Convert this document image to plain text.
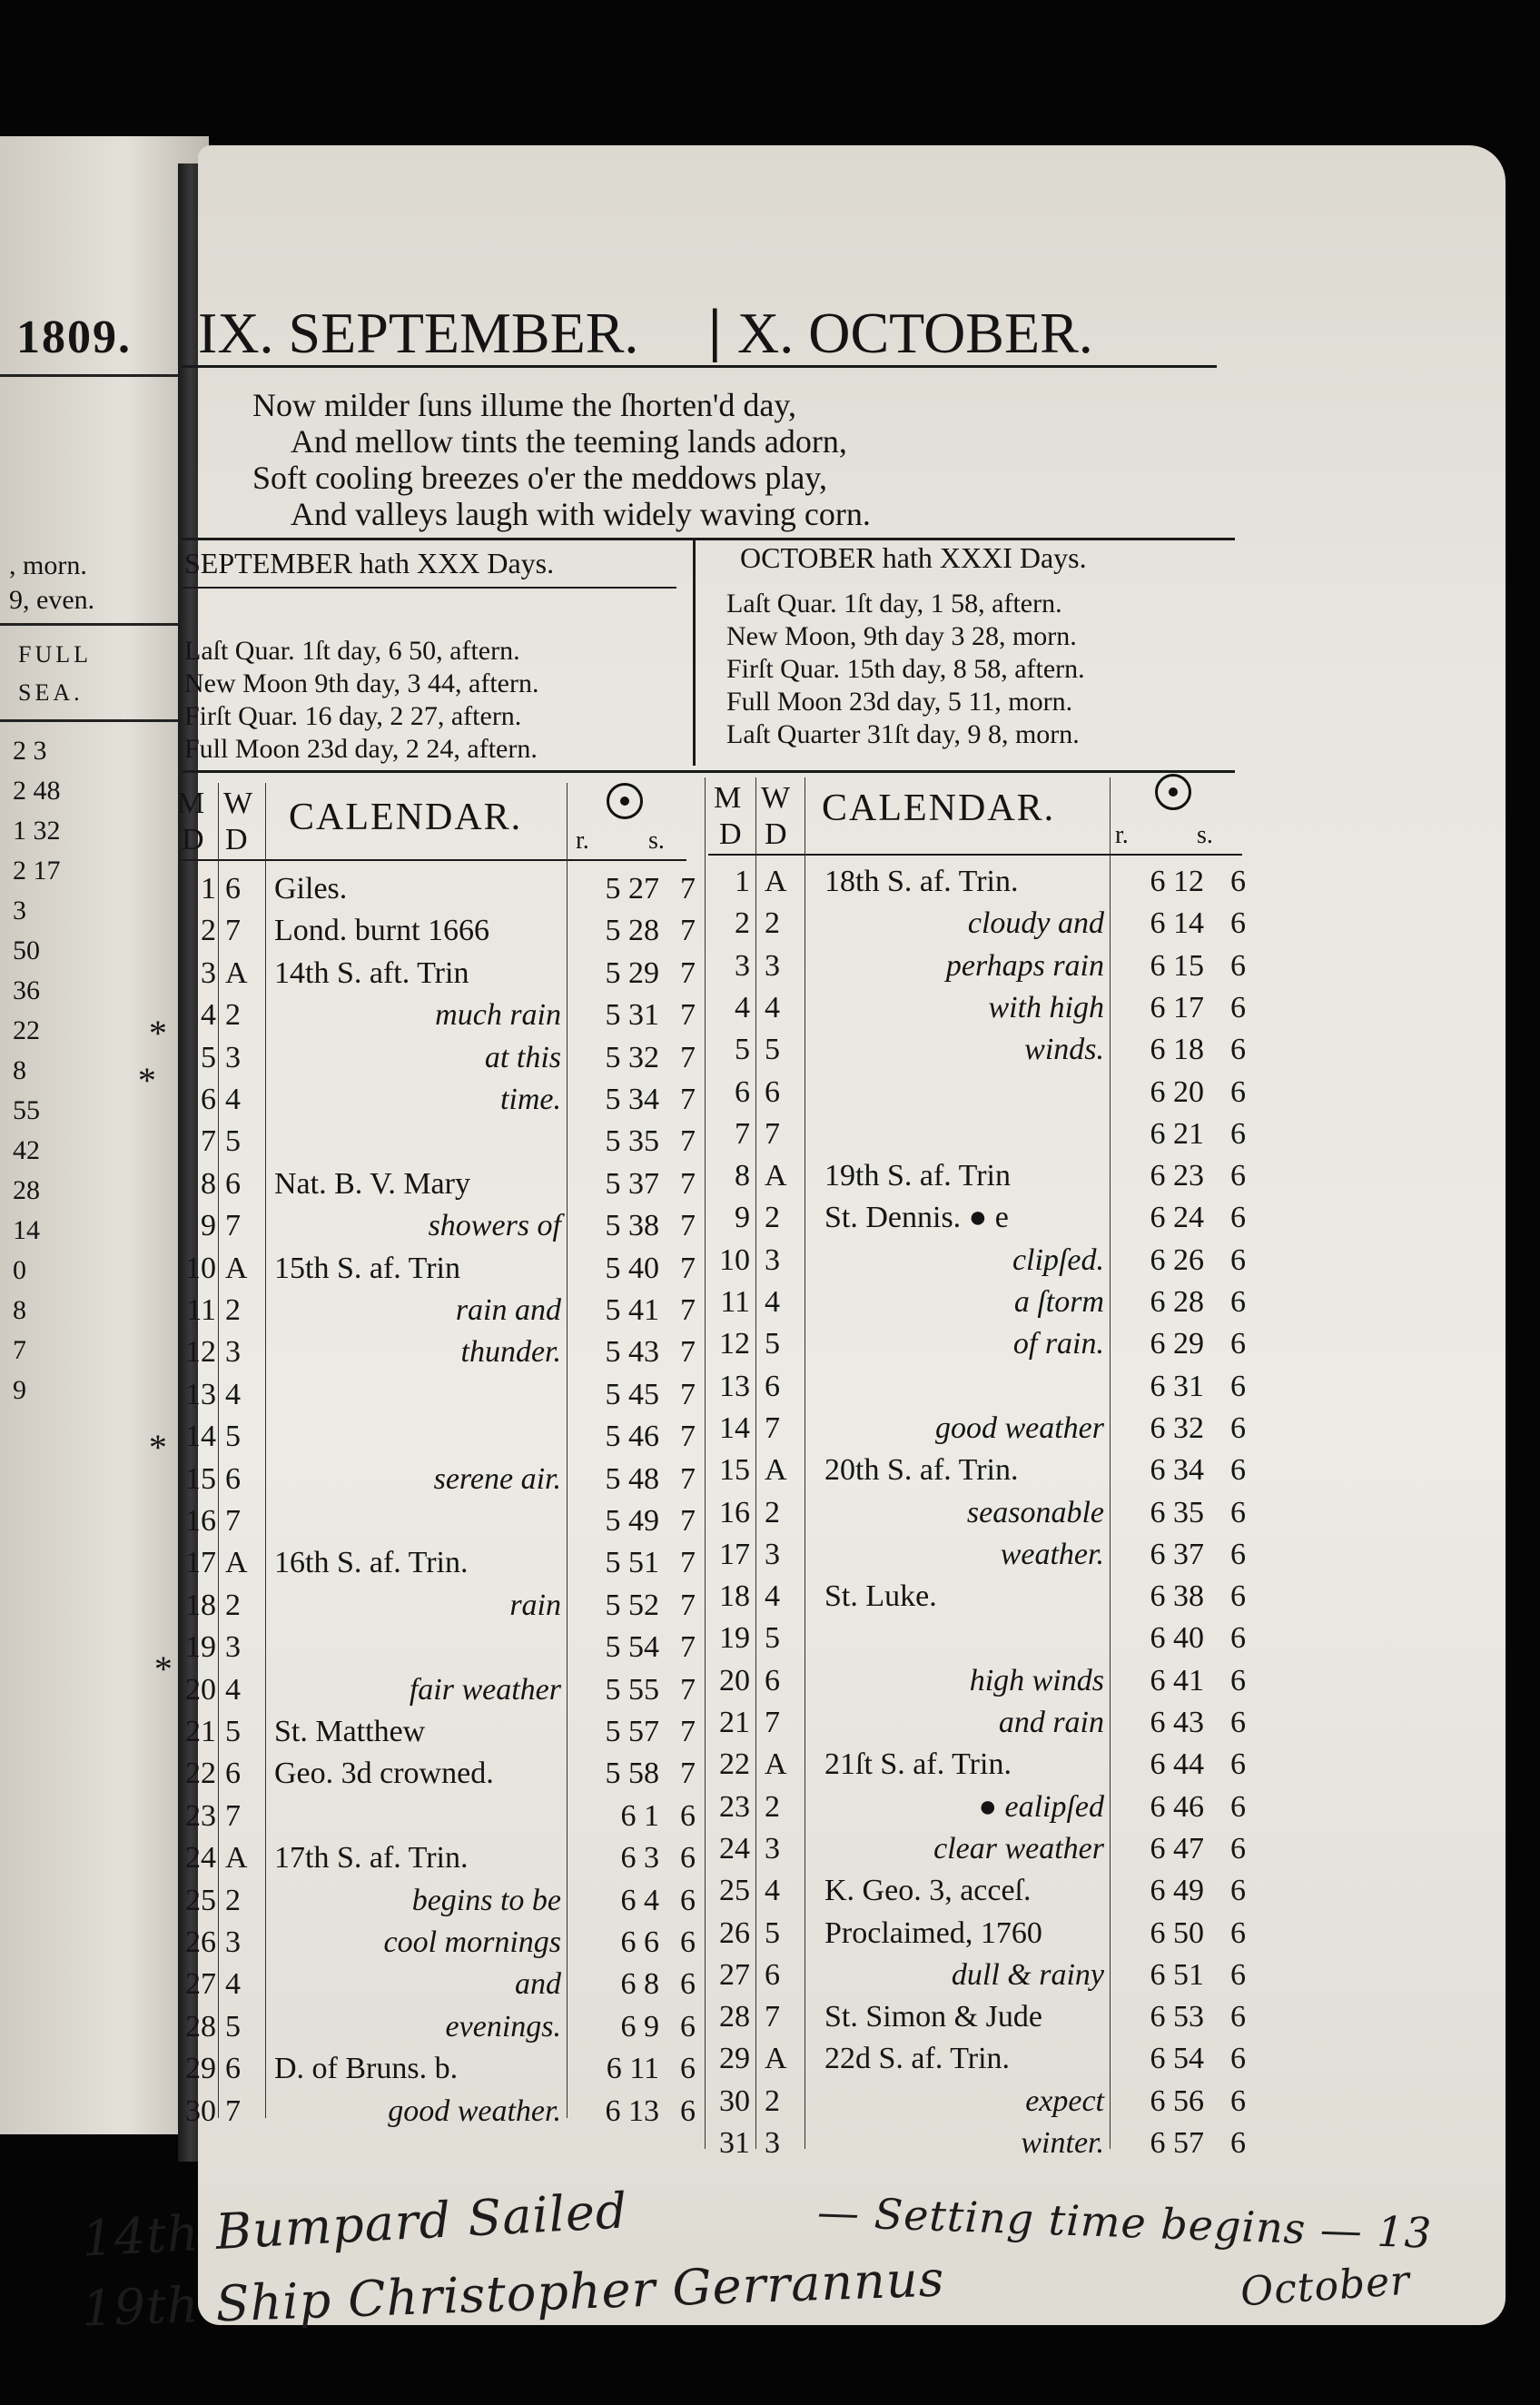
1809.
, morn.
9, even.
FULL
SEA.
2 3
2 48
1 32
2 17
3
50
36
22
8
55
42
28
14
0
8
7
9
IX. SEPTEMBER. | X. OCTOBER.
Now milder ſuns illume the ſhorten'd day,
And mellow tints the teeming lands adorn,
Soft cooling breezes o'er the meddows play,
And valleys laugh with widely waving corn.
SEPTEMBER hath XXX Days.	OCTOBER hath XXXI Days.
Laſt Quar. 1ſt day, 6 50, aftern.
New Moon 9th day, 3 44, aftern.
Firſt Quar. 16 day, 2 27, aftern.
Full Moon 23d day, 2 24, aftern.
Laſt Quar. 1ſt day, 1 58, aftern.
New Moon, 9th day 3 28, morn.
Firſt Quar. 15th day, 8 58, aftern.
Full Moon 23d day, 5 11, morn.
Laſt Quarter 31ſt day, 9 8, morn.
M
D
W
D
CALENDAR.
r. s.
M
D
W
D
CALENDAR.
r.	s.
1 6	Giles.	5 27 7
2 7	Lond. burnt 1666	5 28 7
3 A 14th S. aft. Trin	5 29 7
4 2	much rain	5 31 7
5 3	at this	5 32 7
6 4	time.	5 34 7
7 5	5 35 7
8 6	Nat. B. V. Mary	5 37 7
9 7	showers of	5 38 7
10 A 15th S. af. Trin	5 40 7
11 2	rain and	5 41 7
12 3	thunder.	5 43 7
13 4	5 45 7
14 5	5 46 7
15 6	serene air.	5 48 7
16 7	5 49 7
17 A 16th S. af. Trin.	5 51 7
18 2	rain	5 52 7
19 3	5 54 7
20 4	fair weather	5 55 7
21 5	St. Matthew	5 57 7
22 6	Geo. 3d crowned.	5 58 7
23 7	6 1 6
24 A 17th S. af. Trin.	6 3 6
25 2	begins to be	6 4 6
26 3	cool mornings	6 6 6
27 4	and	6 8 6
28 5	evenings.	6 9 6
29 6	D. of Bruns. b.	6 11 6
30 7	good weather.	6 13 6
1 A	18th S. af. Trin.	6 12 6
2 2	cloudy and	6 14 6
3 3	perhaps rain	6 15 6
4 4	with high	6 17 6
5 5	winds.	6 18 6
6 6	6 20 6
7 7	6 21 6
8 A	19th S. af. Trin	6 23 6
9 2	St. Dennis. ● e	6 24 6
10 3	clipſed.	6 26 6
11 4	a ſtorm	6 28 6
12 5	of rain.	6 29 6
13 6	6 31 6
14 7	good weather	6 32 6
15 A	20th S. af. Trin.	6 34 6
16 2	seasonable	6 35 6
17 3	weather.	6 37 6
18 4	St. Luke.	6 38 6
19 5	6 40 6
20 6	high winds	6 41 6
21 7	and rain	6 43 6
22 A	21ſt S. af. Trin.	6 44 6
23 2	● ealipſed	6 46 6
24 3	clear weather	6 47 6
25 4	K. Geo. 3, acceſ.	6 49 6
26 5	Proclaimed, 1760	6 50 6
27 6	dull & rainy	6 51 6
28 7	St. Simon & Jude	6 53 6
29 A	22d S. af. Trin.	6 54 6
30 2	expect	6 56 6
31 3	winter.	6 57 6
14th Bumpard Sailed
19th Ship Christopher Gerrannus
— Setting time begins — 13
October
*
*
*
*
